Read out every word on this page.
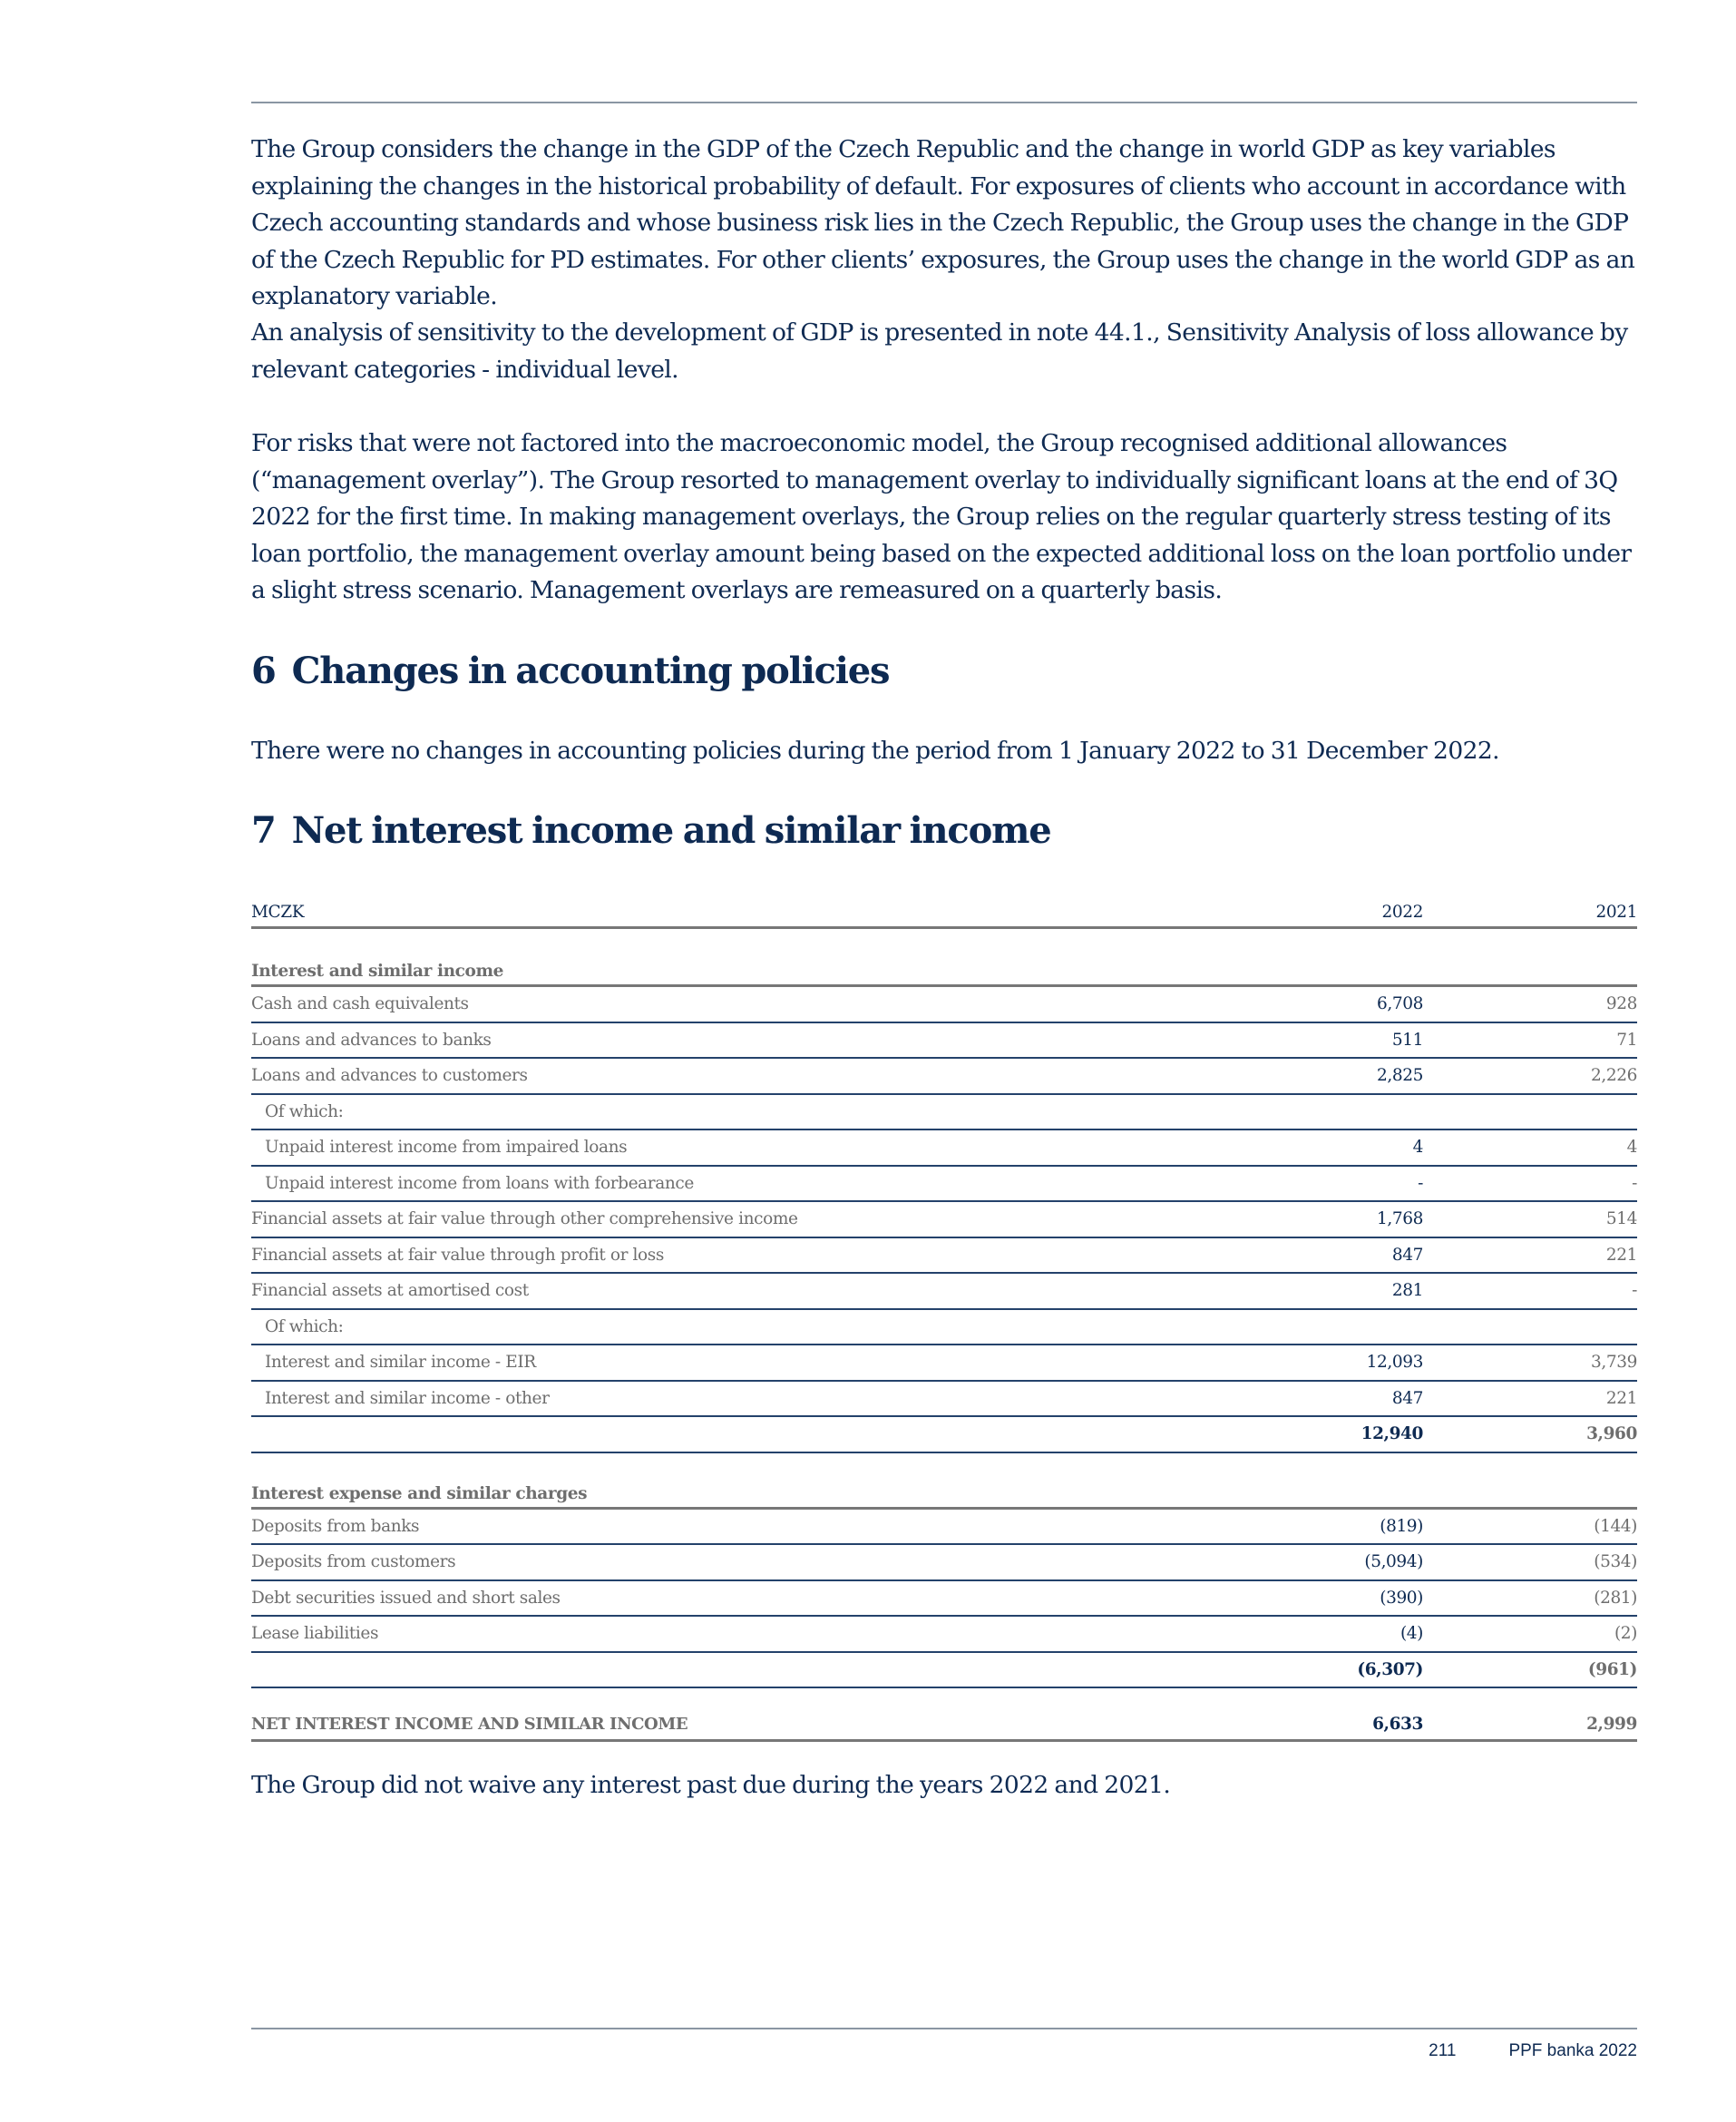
The Group considers the change in the GDP of the Czech Republic and the change in world GDP as key variables explaining the changes in the historical probability of default. For exposures of clients who account in accordance with Czech accounting standards and whose business risk lies in the Czech Republic, the Group uses the change in the GDP of the Czech Republic for PD estimates. For other clients’ exposures, the Group uses the change in the world GDP as an explanatory variable.

An analysis of sensitivity to the development of GDP is presented in note 44.1., Sensitivity Analysis of loss allowance by relevant categories - individual level.

For risks that were not factored into the macroeconomic model, the Group recognised additional allowances (“management overlay”). The Group resorted to management overlay to individually significant loans at the end of 3Q 2022 for the first time. In making management overlays, the Group relies on the regular quarterly stress testing of its loan portfolio, the management overlay amount being based on the expected additional loss on the loan portfolio under a slight stress scenario. Management overlays are remeasured on a quarterly basis.

6 Changes in accounting policies

There were no changes in accounting policies during the period from 1 January 2022 to 31 December 2022.

7 Net interest income and similar income
MCZK	2022	2021
Interest and similar income
Cash and cash equivalents	6,708	928
Loans and advances to banks	511	71
Loans and advances to customers	2,825	2,226
Of which:
Unpaid interest income from impaired loans	4	4
Unpaid interest income from loans with forbearance	-	-
Financial assets at fair value through other comprehensive income	1,768	514
Financial assets at fair value through profit or loss	847	221
Financial assets at amortised cost	281	-
Of which:
Interest and similar income - EIR	12,093	3,739
Interest and similar income - other	847	221
12,940	3,960
Interest expense and similar charges
Deposits from banks	(819)	(144)
Deposits from customers	(5,094)	(534)
Debt securities issued and short sales	(390)	(281)
Lease liabilities	(4)	(2)
(6,307)	(961)
NET INTEREST INCOME AND SIMILAR INCOME	6,633	2,999

The Group did not waive any interest past due during the years 2022 and 2021.

211	PPF banka 2022
